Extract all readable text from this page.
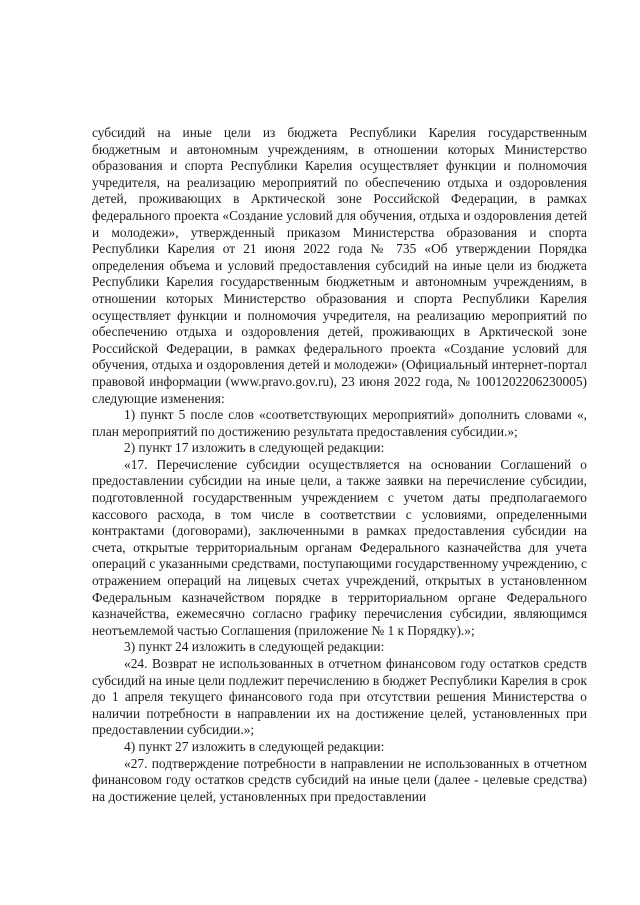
субсидий на иные цели из бюджета Республики Карелия государственным бюджетным и автономным учреждениям, в отношении которых Министерство образования и спорта Республики Карелия осуществляет функции и полномочия учредителя, на реализацию мероприятий по обеспечению отдыха и оздоровления детей, проживающих в Арктической зоне Российской Федерации, в рамках федерального проекта «Создание условий для обучения, отдыха и оздоровления детей и молодежи», утвержденный приказом Министерства образования и спорта Республики Карелия от 21 июня 2022 года № 735 «Об утверждении Порядка определения объема и условий предоставления субсидий на иные цели из бюджета Республики Карелия государственным бюджетным и автономным учреждениям, в отношении которых Министерство образования и спорта Республики Карелия осуществляет функции и полномочия учредителя, на реализацию мероприятий по обеспечению отдыха и оздоровления детей, проживающих в Арктической зоне Российской Федерации, в рамках федерального проекта «Создание условий для обучения, отдыха и оздоровления детей и молодежи» (Официальный интернет-портал правовой информации (www.pravo.gov.ru), 23 июня 2022 года, № 1001202206230005) следующие изменения:

1) пункт 5 после слов «соответствующих мероприятий» дополнить словами «, план мероприятий по достижению результата предоставления субсидии.»;

2) пункт 17 изложить в следующей редакции:

«17. Перечисление субсидии осуществляется на основании Соглашений о предоставлении субсидии на иные цели, а также заявки на перечисление субсидии, подготовленной государственным учреждением с учетом даты предполагаемого кассового расхода, в том числе в соответствии с условиями, определенными контрактами (договорами), заключенными в рамках предоставления субсидии на счета, открытые территориальным органам Федерального казначейства для учета операций с указанными средствами, поступающими государственному учреждению, с отражением операций на лицевых счетах учреждений, открытых в установленном Федеральным казначейством порядке в территориальном органе Федерального казначейства, ежемесячно согласно графику перечисления субсидии, являющимся неотъемлемой частью Соглашения (приложение № 1 к Порядку).»;

3) пункт 24 изложить в следующей редакции:

«24. Возврат не использованных в отчетном финансовом году остатков средств субсидий на иные цели подлежит перечислению в бюджет Республики Карелия в срок до 1 апреля текущего финансового года при отсутствии решения Министерства о наличии потребности в направлении их на достижение целей, установленных при предоставлении субсидии.»;

4) пункт 27 изложить в следующей редакции:

«27. подтверждение потребности в направлении не использованных в отчетном финансовом году остатков средств субсидий на иные цели (далее - целевые средства) на достижение целей, установленных при предоставлении
